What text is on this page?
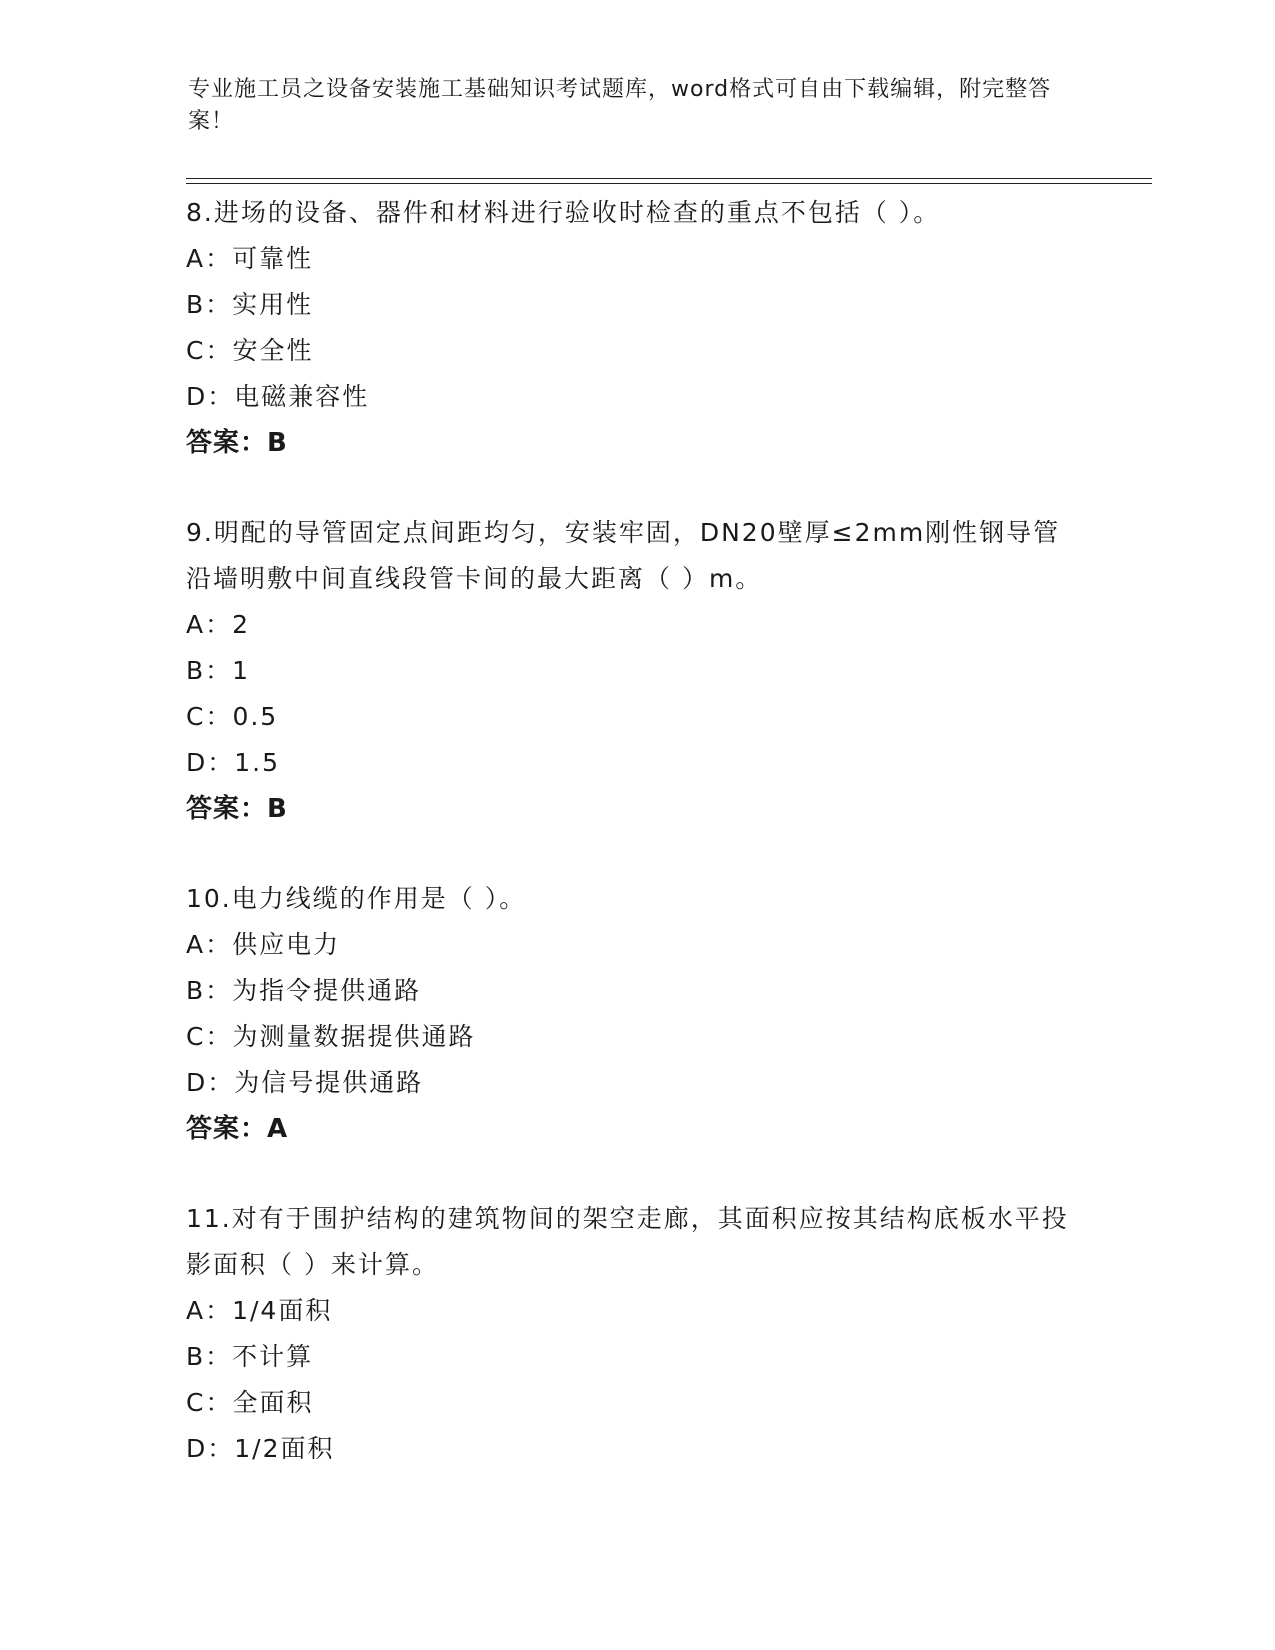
专业施工员之设备安装施工基础知识考试题库，word格式可自由下载编辑，附完整答案！
8.进场的设备、器件和材料进行验收时检查的重点不包括（ ）。
A：可靠性
B：实用性
C：安全性
D：电磁兼容性
答案：B
9.明配的导管固定点间距均匀，安装牢固，DN20壁厚≤2mm刚性钢导管沿墙明敷中间直线段管卡间的最大距离（ ）m。
A：2
B：1
C：0.5
D：1.5
答案：B
10.电力线缆的作用是（ ）。
A：供应电力
B：为指令提供通路
C：为测量数据提供通路
D：为信号提供通路
答案：A
11.对有于围护结构的建筑物间的架空走廊，其面积应按其结构底板水平投影面积（ ）来计算。
A：1/4面积
B：不计算
C：全面积
D：1/2面积
